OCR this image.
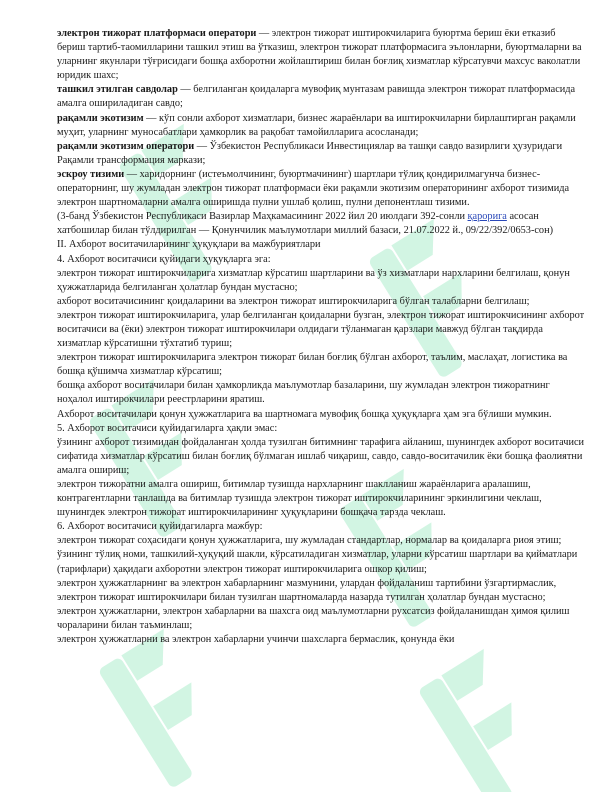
электрон тижорат платформаси оператори — электрон тижорат иштирокчиларига буюртма бериш ёки етказиб бериш тартиб-таомилларини ташкил этиш ва ўтказиш, электрон тижорат платформасига эълонларни, буюртмаларни ва уларнинг якунлари тўғрисидаги бошқа ахборотни жойлаштириш билан боғлиқ хизматлар кўрсатувчи махсус ваколатли юридик шахс;

ташкил этилган савдолар — белгиланган қоидаларга мувофиқ мунтазам равишда электрон тижорат платформасида амалга ошириладиган савдо;

рақамли экотизим — кўп сонли ахборот хизматлари, бизнес жараёнлари ва иштирокчиларни бирлаштирган рақамли муҳит, уларнинг муносабатлари ҳамкорлик ва рақобат тамойилларига асосланади;

рақамли экотизим оператори — Ўзбекистон Республикаси Инвестициялар ва ташқи савдо вазирлиги ҳузуридаги Рақамли трансформация маркази;

эскроу тизими — харидорнинг (истеъмолчининг, буюртмачининг) шартлари тўлиқ қондирилмагунча бизнес-операторнинг, шу жумладан электрон тижорат платформаси ёки рақамли экотизим операторининг ахборот тизимида электрон шартномаларни амалга оширишда пулни ушлаб қолиш, пулни депонентлаш тизими.

(3-банд Ўзбекистон Республикаси Вазирлар Маҳкамасининг 2022 йил 20 июлдаги 392-сонли қарорига асосан хатбошилар билан тўлдирилган — Қонунчилик маълумотлари миллий базаси, 21.07.2022 й., 09/22/392/0653-сон)

II. Ахборот воситачиларининг ҳуқуқлари ва мажбуриятлари

4. Ахборот воситачиси қуйидаги ҳуқуқларга эга:

электрон тижорат иштирокчиларига хизматлар кўрсатиш шартларини ва ўз хизматлари нархларини белгилаш, қонун ҳужжатларида белгиланган ҳолатлар бундан мустасно;

ахборот воситачисининг қоидаларини ва электрон тижорат иштирокчиларига бўлган талабларни белгилаш;

электрон тижорат иштирокчиларига, улар белгиланган қоидаларни бузган, электрон тижорат иштирокчисининг ахборот воситачиси ва (ёки) электрон тижорат иштирокчилари олдидаги тўланмаган қарзлари мавжуд бўлган тақдирда хизматлар кўрсатишни тўхтатиб туриш;

электрон тижорат иштирокчиларига электрон тижорат билан боғлиқ бўлган ахборот, таълим, маслаҳат, логистика ва бошқа қўшимча хизматлар кўрсатиш;

бошқа ахборот воситачилари билан ҳамкорликда маълумотлар базаларини, шу жумладан электрон тижоратнинг ноҳалол иштирокчилари реестрларини яратиш.

Ахборот воситачилари қонун ҳужжатларига ва шартномага мувофиқ бошқа ҳуқуқларга ҳам эга бўлиши мумкин.

5. Ахборот воситачиси қуйидагиларга ҳақли эмас:

ўзининг ахборот тизимидан фойдаланган ҳолда тузилган битимнинг тарафига айланиш, шунингдек ахборот воситачиси сифатида хизматлар кўрсатиш билан боғлиқ бўлмаган ишлаб чиқариш, савдо, савдо-воситачилик ёки бошқа фаолиятни амалга ошириш;

электрон тижоратни амалга ошириш, битимлар тузишда нархларнинг шаклланиш жараёнларига аралашиш, контрагентларни танлашда ва битимлар тузишда электрон тижорат иштирокчиларининг эркинлигини чеклаш, шунингдек электрон тижорат иштирокчиларининг ҳуқуқларини бошқача тарзда чеклаш.

6. Ахборот воситачиси қуйидагиларга мажбур:

электрон тижорат соҳасидаги қонун ҳужжатларига, шу жумладан стандартлар, нормалар ва қоидаларга риоя этиш;

ўзининг тўлиқ номи, ташкилий-ҳуқуқий шакли, кўрсатиладиган хизматлар, уларни кўрсатиш шартлари ва қийматлари (тарифлари) ҳақидаги ахборотни электрон тижорат иштирокчиларига ошкор қилиш;

электрон ҳужжатларнинг ва электрон хабарларнинг мазмунини, улардан фойдаланиш тартибини ўзгартирмаслик, электрон тижорат иштирокчилари билан тузилган шартномаларда назарда тутилган ҳолатлар бундан мустасно;

электрон ҳужжатларни, электрон хабарларни ва шахсга оид маълумотларни рухсатсиз фойдаланишдан ҳимоя қилиш чораларини билан таъминлаш;

электрон ҳужжатларни ва электрон хабарларни учинчи шахсларга бермаслик, қонунда ёки
